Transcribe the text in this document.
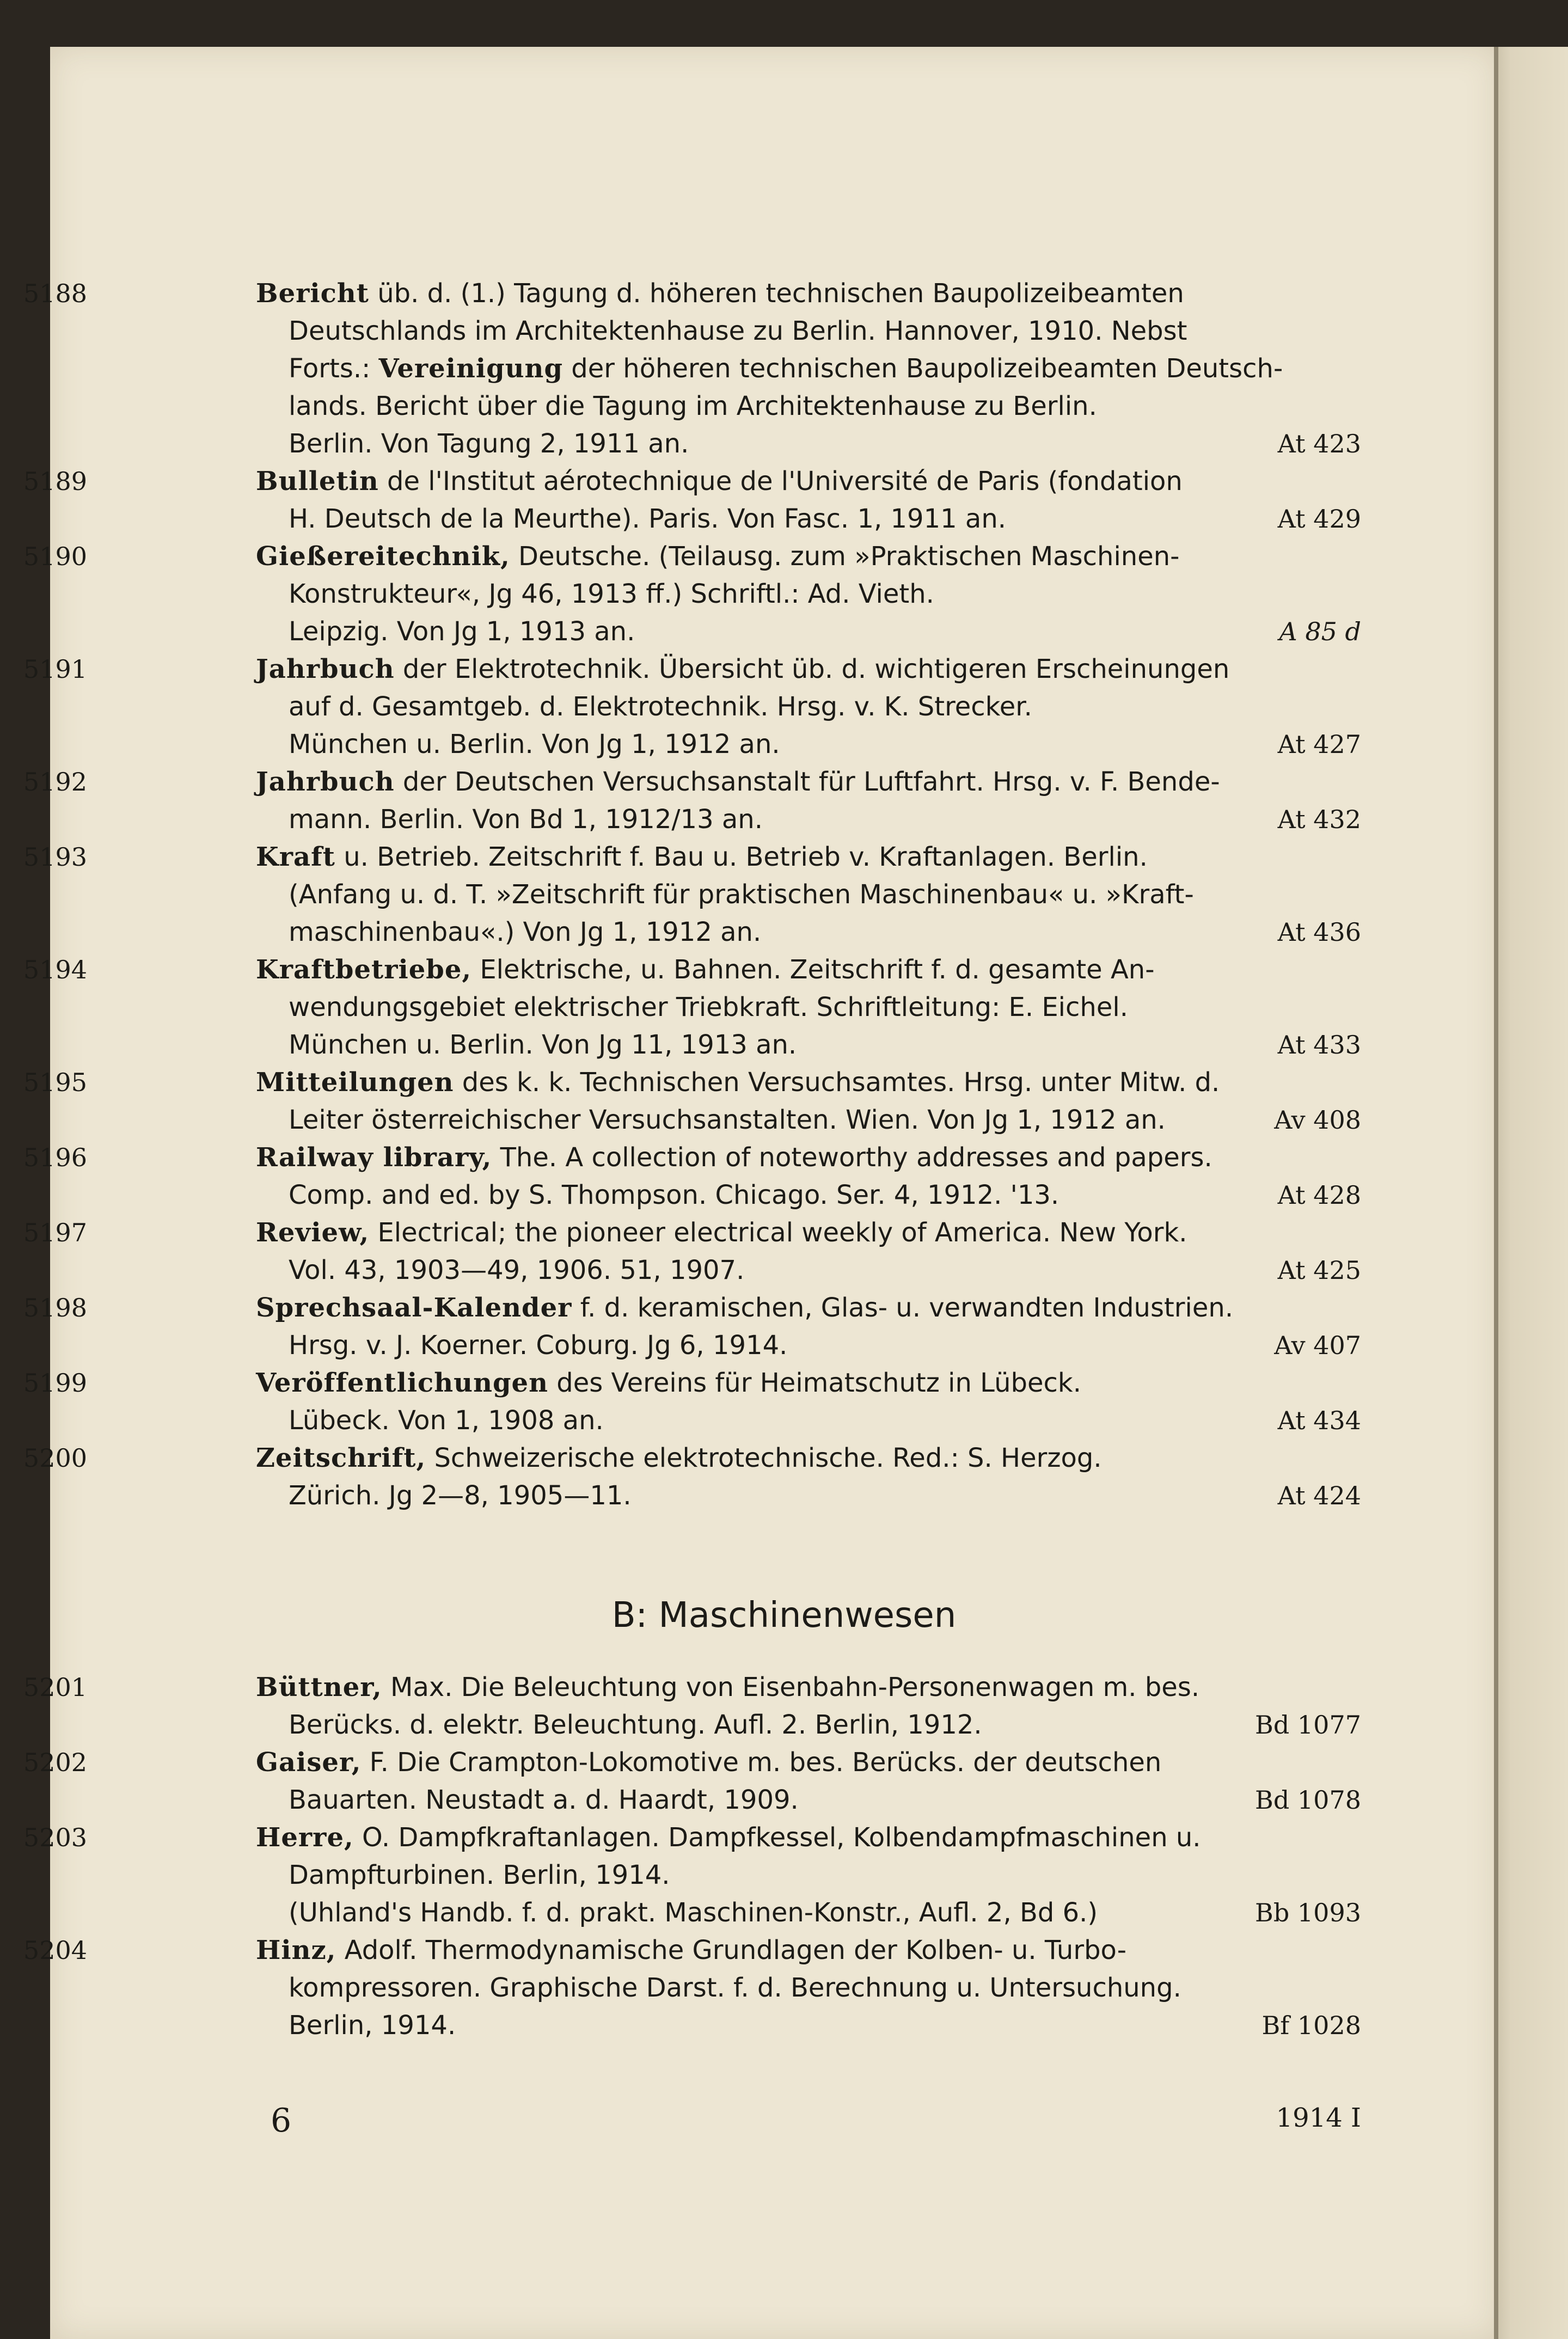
5188	Bericht üb. d. (1.) Tagung d. höheren technischen Baupolizeibeamten
Deutschlands im Architektenhause zu Berlin. Hannover, 1910. Nebst
Forts.: Vereinigung der höheren technischen Baupolizeibeamten Deutsch-
lands. Bericht über die Tagung im Architektenhause zu Berlin.
Berlin. Von Tagung 2, 1911 an.	At 423
5189	Bulletin de l'Institut aérotechnique de l'Université de Paris (fondation
H. Deutsch de la Meurthe). Paris. Von Fasc. 1, 1911 an.	At 429
5190	Gießereitechnik, Deutsche. (Teilausg. zum »Praktischen Maschinen-
Konstrukteur«, Jg 46, 1913 ff.) Schriftl.: Ad. Vieth.
Leipzig. Von Jg 1, 1913 an.	A 85 d
5191	Jahrbuch der Elektrotechnik. Übersicht üb. d. wichtigeren Erscheinungen
auf d. Gesamtgeb. d. Elektrotechnik. Hrsg. v. K. Strecker.
München u. Berlin. Von Jg 1, 1912 an.	At 427
5192	Jahrbuch der Deutschen Versuchsanstalt für Luftfahrt. Hrsg. v. F. Bende-
mann. Berlin. Von Bd 1, 1912/13 an.	At 432
5193	Kraft u. Betrieb. Zeitschrift f. Bau u. Betrieb v. Kraftanlagen. Berlin.
(Anfang u. d. T. »Zeitschrift für praktischen Maschinenbau« u. »Kraft-
maschinenbau«.) Von Jg 1, 1912 an.	At 436
5194	Kraftbetriebe, Elektrische, u. Bahnen. Zeitschrift f. d. gesamte An-
wendungsgebiet elektrischer Triebkraft. Schriftleitung: E. Eichel.
München u. Berlin. Von Jg 11, 1913 an.	At 433
5195	Mitteilungen des k. k. Technischen Versuchsamtes. Hrsg. unter Mitw. d.
Leiter österreichischer Versuchsanstalten. Wien. Von Jg 1, 1912 an.	Av 408
5196	Railway library, The. A collection of noteworthy addresses and papers.
Comp. and ed. by S. Thompson. Chicago. Ser. 4, 1912. '13.	At 428
5197	Review, Electrical; the pioneer electrical weekly of America. New York.
Vol. 43, 1903—49, 1906. 51, 1907.	At 425
5198	Sprechsaal-Kalender f. d. keramischen, Glas- u. verwandten Industrien.
Hrsg. v. J. Koerner. Coburg. Jg 6, 1914.	Av 407
5199	Veröffentlichungen des Vereins für Heimatschutz in Lübeck.
Lübeck. Von 1, 1908 an.	At 434
5200	Zeitschrift, Schweizerische elektrotechnische. Red.: S. Herzog.
Zürich. Jg 2—8, 1905—11.	At 424
B: Maschinenwesen
5201	Büttner, Max. Die Beleuchtung von Eisenbahn-Personenwagen m. bes.
Berücks. d. elektr. Beleuchtung. Aufl. 2. Berlin, 1912.	Bd 1077
5202	Gaiser, F. Die Crampton-Lokomotive m. bes. Berücks. der deutschen
Bauarten. Neustadt a. d. Haardt, 1909.	Bd 1078
5203	Herre, O. Dampfkraftanlagen. Dampfkessel, Kolbendampfmaschinen u.
Dampfturbinen. Berlin, 1914.
(Uhland's Handb. f. d. prakt. Maschinen-Konstr., Aufl. 2, Bd 6.)	Bb 1093
5204	Hinz, Adolf. Thermodynamische Grundlagen der Kolben- u. Turbo-
kompressoren. Graphische Darst. f. d. Berechnung u. Untersuchung.
Berlin, 1914.	Bf 1028
6	1914 I
